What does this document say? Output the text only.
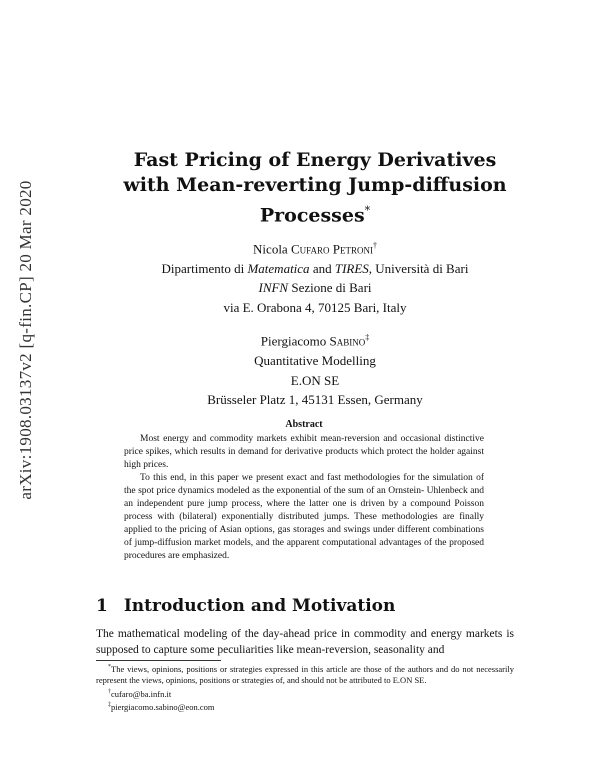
arXiv:1908.03137v2 [q-fin.CP] 20 Mar 2020
Fast Pricing of Energy Derivatives
with Mean-reverting Jump-diffusion
Processes*
Nicola Cufaro Petroni†
Dipartimento di Matematica and TIRES, Università di Bari
INFN Sezione di Bari
via E. Orabona 4, 70125 Bari, Italy
Piergiacomo Sabino‡
Quantitative Modelling
E.ON SE
Brüsseler Platz 1, 45131 Essen, Germany
Abstract

Most energy and commodity markets exhibit mean-reversion and occasional distinctive price spikes, which results in demand for derivative products which protect the holder against high prices.

To this end, in this paper we present exact and fast methodologies for the simulation of the spot price dynamics modeled as the exponential of the sum of an Ornstein- Uhlenbeck and an independent pure jump process, where the latter one is driven by a compound Poisson process with (bilateral) exponentially distributed jumps. These methodologies are finally applied to the pricing of Asian options, gas storages and swings under different combinations of jump-diffusion market models, and the apparent computational advantages of the proposed procedures are emphasized.

1 Introduction and Motivation
The mathematical modeling of the day-ahead price in commodity and energy markets is supposed to capture some peculiarities like mean-reversion, seasonality and

*The views, opinions, positions or strategies expressed in this article are those of the authors and do not necessarily represent the views, opinions, positions or strategies of, and should not be attributed to E.ON SE.

†cufaro@ba.infn.it

‡piergiacomo.sabino@eon.com
